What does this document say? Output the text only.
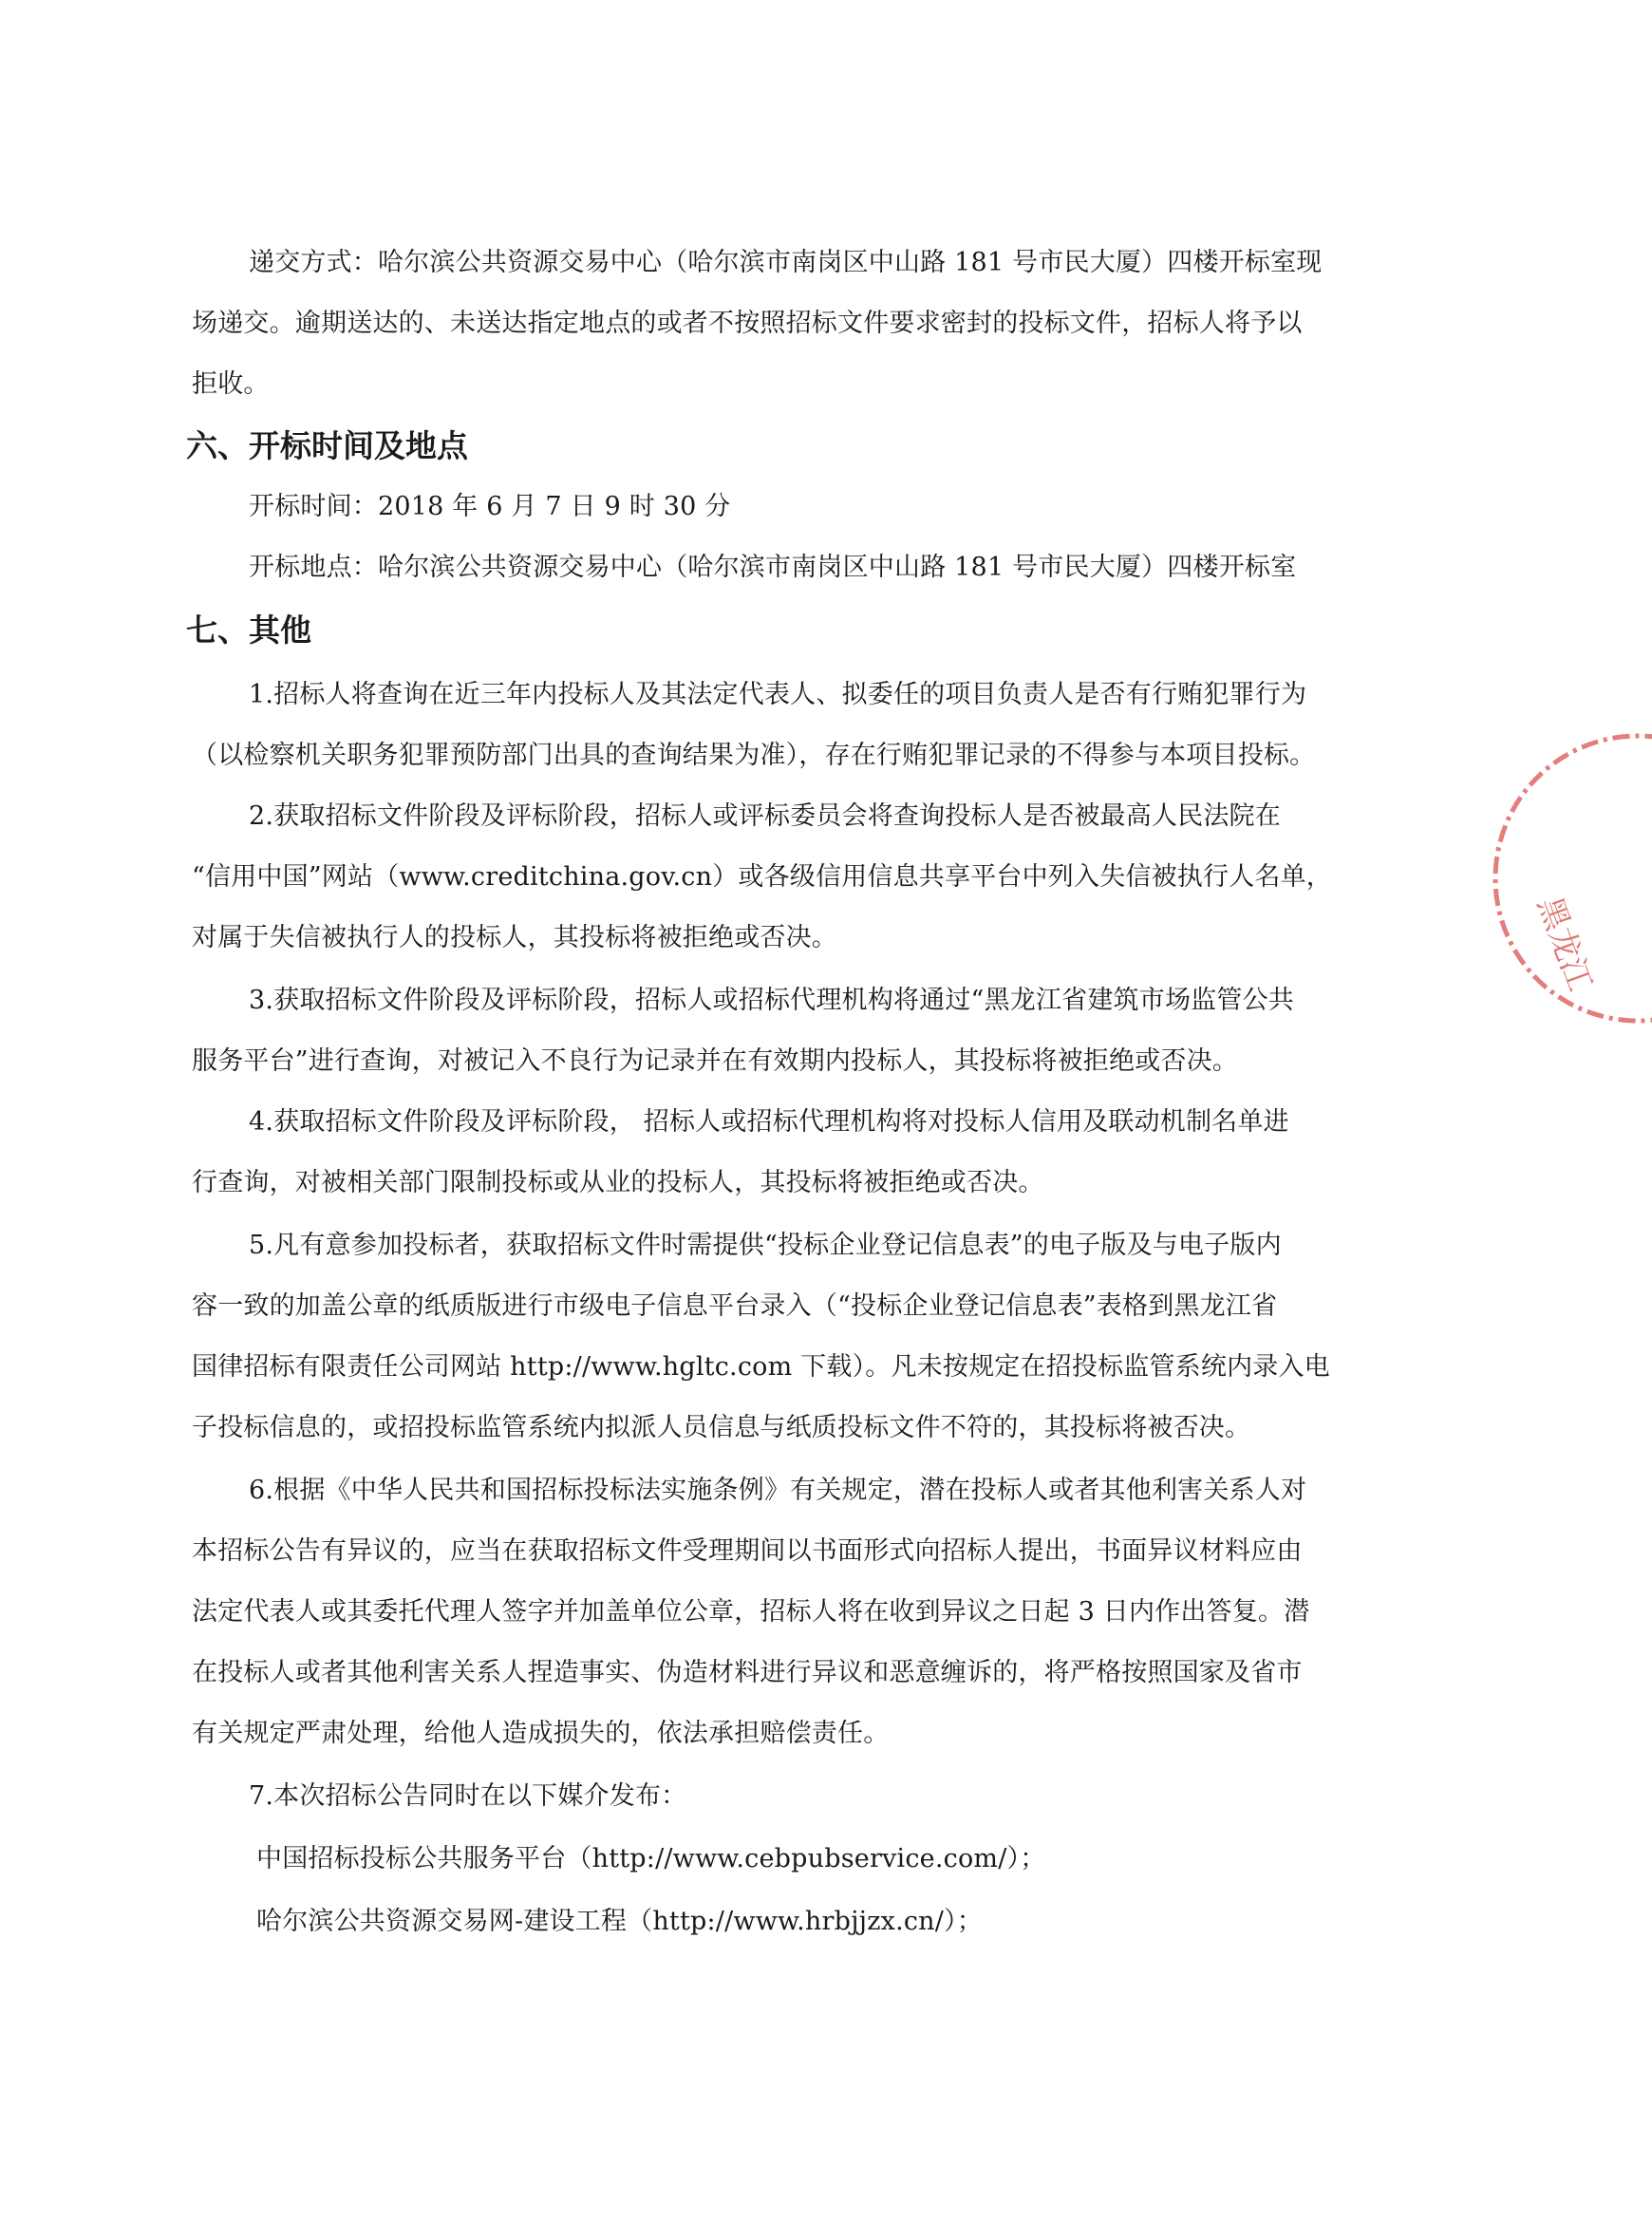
递交方式：哈尔滨公共资源交易中心（哈尔滨市南岗区中山路 181 号市民大厦）四楼开标室现
场递交。逾期送达的、未送达指定地点的或者不按照招标文件要求密封的投标文件，招标人将予以
拒收。
六、开标时间及地点
开标时间：2018 年 6 月 7 日 9 时 30 分
开标地点：哈尔滨公共资源交易中心（哈尔滨市南岗区中山路 181 号市民大厦）四楼开标室
七、其他
1.招标人将查询在近三年内投标人及其法定代表人、拟委任的项目负责人是否有行贿犯罪行为
（以检察机关职务犯罪预防部门出具的查询结果为准），存在行贿犯罪记录的不得参与本项目投标。
2.获取招标文件阶段及评标阶段，招标人或评标委员会将查询投标人是否被最高人民法院在
“信用中国”网站（www.creditchina.gov.cn）或各级信用信息共享平台中列入失信被执行人名单，
对属于失信被执行人的投标人，其投标将被拒绝或否决。
3.获取招标文件阶段及评标阶段，招标人或招标代理机构将通过“黑龙江省建筑市场监管公共
服务平台”进行查询，对被记入不良行为记录并在有效期内投标人，其投标将被拒绝或否决。
4.获取招标文件阶段及评标阶段， 招标人或招标代理机构将对投标人信用及联动机制名单进
行查询，对被相关部门限制投标或从业的投标人，其投标将被拒绝或否决。
5.凡有意参加投标者，获取招标文件时需提供“投标企业登记信息表”的电子版及与电子版内
容一致的加盖公章的纸质版进行市级电子信息平台录入（“投标企业登记信息表”表格到黑龙江省
国律招标有限责任公司网站 http://www.hgltc.com 下载）。凡未按规定在招投标监管系统内录入电
子投标信息的，或招投标监管系统内拟派人员信息与纸质投标文件不符的，其投标将被否决。
6.根据《中华人民共和国招标投标法实施条例》有关规定，潜在投标人或者其他利害关系人对
本招标公告有异议的，应当在获取招标文件受理期间以书面形式向招标人提出，书面异议材料应由
法定代表人或其委托代理人签字并加盖单位公章，招标人将在收到异议之日起 3 日内作出答复。潜
在投标人或者其他利害关系人捏造事实、伪造材料进行异议和恶意缠诉的，将严格按照国家及省市
有关规定严肃处理，给他人造成损失的，依法承担赔偿责任。
7.本次招标公告同时在以下媒介发布：
中国招标投标公共服务平台（http://www.cebpubservice.com/）；
哈尔滨公共资源交易网-建设工程（http://www.hrbjjzx.cn/）；
黑龙江
